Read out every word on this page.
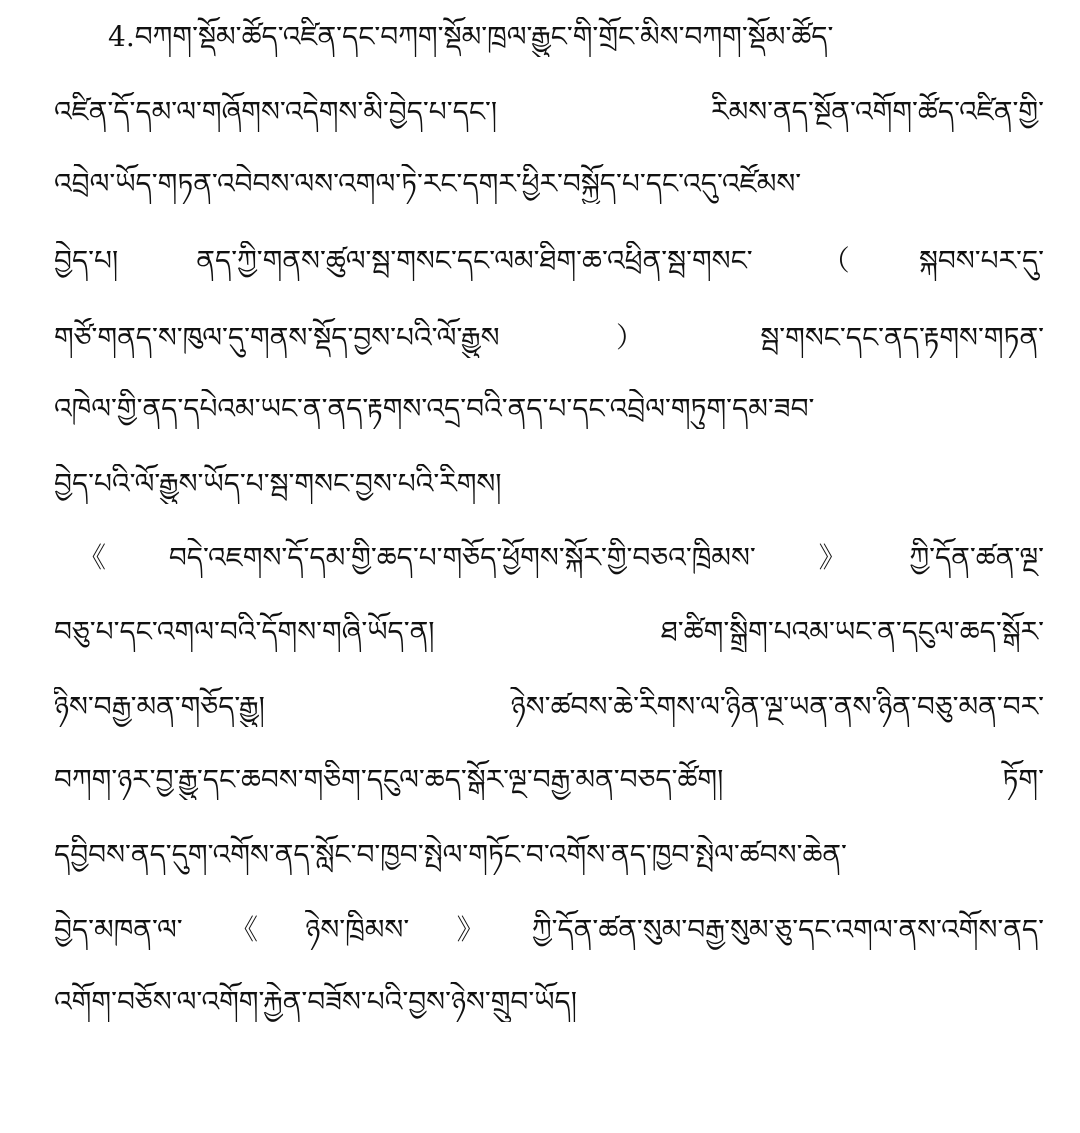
4.བཀག་སྡོམ་ཚོད་འཛིན་དང་བཀག་སྡོམ་ཁྲལ་རྒྱུང་གི་གྲོང་མིས་བཀག་སྡོམ་ཚོད་
འཛིན་དོ་དམ་ལ་གཞོགས་འདེགས་མི་བྱེད་པ་དང་། རིམས་ནད་སྔོན་འགོག་ཚོད་འཛིན་གྱི་
འབྲེལ་ཡོད་གཏན་འབེབས་ལས་འགལ་ཏེ་རང་དགར་ཕྱིར་བསྐྱོད་པ་དང་འདུ་འཛོམས་
བྱེད་པ། ནད་ཀྱི་གནས་ཚུལ་སྦ་གསང་དང་ལམ་ཐིག་ཆ་འཕྲིན་སྦ་གསང་（སྐབས་པར་དུ་
གཙོ་གནད་ས་ཁུལ་དུ་གནས་སྡོད་བྱས་པའི་ལོ་རྒྱུས）སྦ་གསང་དང་ནད་རྟགས་གཏན་
འཁེལ་གྱི་ནད་དཔེའམ་ཡང་ན་ནད་རྟགས་འདྲ་བའི་ནད་པ་དང་འབྲེལ་གཏུག་དམ་ཟབ་
བྱེད་པའི་ལོ་རྒྱུས་ཡོད་པ་སྦ་གསང་བྱས་པའི་རིགས།
《བདེ་འཇགས་དོ་དམ་གྱི་ཆད་པ་གཅོད་ཕྱོགས་སྐོར་གྱི་བཅའ་ཁྲིམས་》ཀྱི་དོན་ཚན་ལྔ་
བཅུ་པ་དང་འགལ་བའི་དོགས་གཞི་ཡོད་ན། ཐ་ཚིག་སྒྲིག་པའམ་ཡང་ན་དངུལ་ཆད་སྒོར་
ཉིས་བརྒྱ་མན་གཅོད་རྒྱུ། ཉེས་ཚབས་ཆེ་རིགས་ལ་ཉིན་ལྔ་ཡན་ནས་ཉིན་བཅུ་མན་བར་
བཀག་ཉར་བྱ་རྒྱུ་དང་ཆབས་གཅིག་དངུལ་ཆད་སྒོར་ལྔ་བརྒྱ་མན་བཅད་ཚོག། ཏོག་
དབྱིབས་ནད་དུག་འགོས་ནད་སློང་བ་ཁྱབ་སྤེལ་གཏོང་བ་འགོས་ནད་ཁྱབ་སྤེལ་ཚབས་ཆེན་
བྱེད་མཁན་ལ་《ཉེས་ཁྲིམས་》ཀྱི་དོན་ཚན་སུམ་བརྒྱ་སུམ་ཅུ་དང་འགལ་ནས་འགོས་ནད་
འགོག་བཅོས་ལ་འགོག་རྐྱེན་བཟོས་པའི་བྱས་ཉེས་གྲུབ་ཡོད།
